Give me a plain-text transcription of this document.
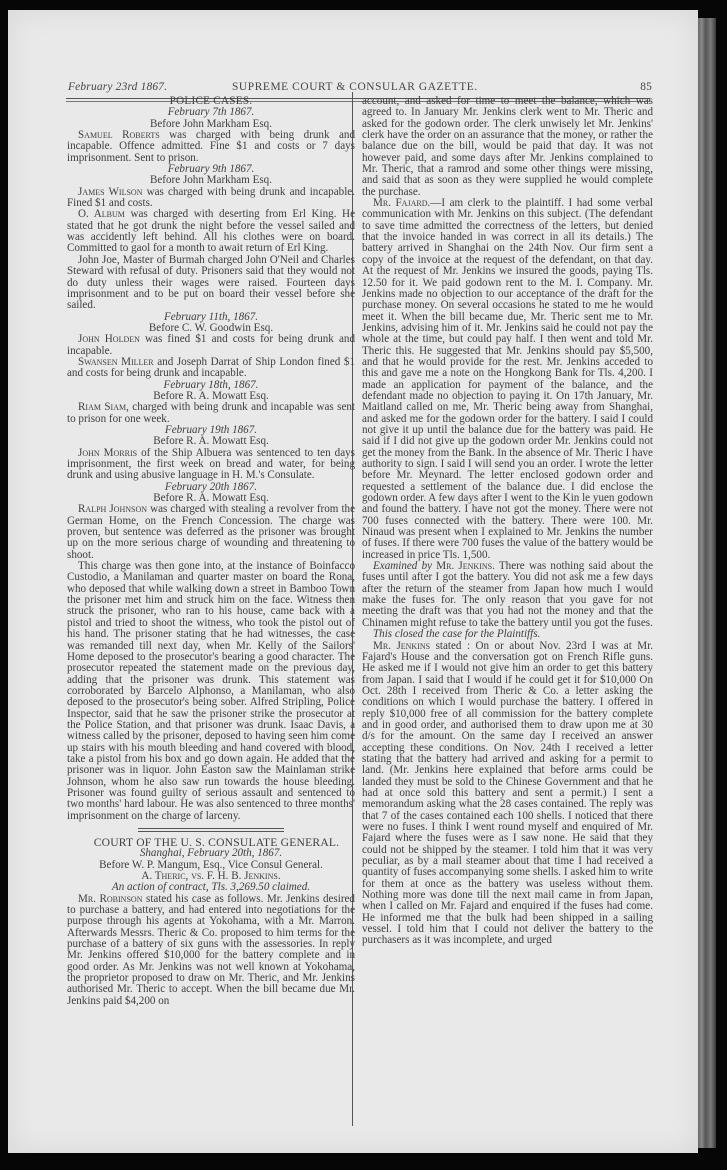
February 23rd 1867.	SUPREME COURT & CONSULAR GAZETTE.	85

POLICE CASES.

February 7th 1867.

Before John Markham Esq.

Samuel Roberts was charged with being drunk and incapable. Offence admitted. Fine $1 and costs or 7 days imprisonment. Sent to prison.

February 9th 1867.

Before John Markham Esq.

James Wilson was charged with being drunk and incapable. Fined $1 and costs.

O. Album was charged with deserting from Erl King. He stated that he got drunk the night before the vessel sailed and was accidently left behind. All his clothes were on board. Committed to gaol for a month to await return of Erl King.

John Joe, Master of Burmah charged John O'Neil and Charles Steward with refusal of duty. Prisoners said that they would not do duty unless their wages were raised. Fourteen days imprisonment and to be put on board their vessel before she sailed.

February 11th, 1867.

Before C. W. Goodwin Esq.

John Holden was fined $1 and costs for being drunk and incapable.

Swansen Miller and Joseph Darrat of Ship London fined $1 and costs for being drunk and incapable.

February 18th, 1867.

Before R. A. Mowatt Esq.

Riam Siam, charged with being drunk and incapable was sent to prison for one week.

February 19th 1867.

Before R. A. Mowatt Esq.

John Morris of the Ship Albuera was sentenced to ten days imprisonment, the first week on bread and water, for being drunk and using abusive language in H. M.'s Consulate.

February 20th 1867.

Before R. A. Mowatt Esq.

Ralph Johnson was charged with stealing a revolver from the German Home, on the French Concession. The charge was proven, but sentence was deferred as the prisoner was brought up on the more serious charge of wounding and threatening to shoot.

This charge was then gone into, at the instance of Boinfacco Custodio, a Manilaman and quarter master on board the Rona, who deposed that while walking down a street in Bamboo Town the prisoner met him and struck him on the face. Witness then struck the prisoner, who ran to his house, came back with a pistol and tried to shoot the witness, who took the pistol out of his hand. The prisoner stating that he had witnesses, the case was remanded till next day, when Mr. Kelly of the Sailors' Home deposed to the prosecutor's bearing a good character. The prosecutor repeated the statement made on the previous day, adding that the prisoner was drunk. This statement was corroborated by Barcelo Alphonso, a Manilaman, who also deposed to the prosecutor's being sober. Alfred Stripling, Police Inspector, said that he saw the prisoner strike the prosecutor at the Police Station, and that prisoner was drunk. Isaac Davis, a witness called by the prisoner, deposed to having seen him come up stairs with his mouth bleeding and hand covered with blood, take a pistol from his box and go down again. He added that the prisoner was in liquor. John Easton saw the Mainlaman strike Johnson, whom he also saw run towards the house bleeding. Prisoner was found guilty of serious assault and sentenced to two months' hard labour. He was also sentenced to three months' imprisonment on the charge of larceny.

COURT OF THE U. S. CONSULATE GENERAL.

Shanghai, February 20th, 1867.

Before W. P. Mangum, Esq., Vice Consul General.

A. Theric, vs. F. H. B. Jenkins.

An action of contract, Tls. 3,269.50 claimed.

Mr. Robinson stated his case as follows. Mr. Jenkins desired to purchase a battery, and had entered into negotiations for the purpose through his agents at Yokohama, with a Mr. Marron. Afterwards Messrs. Theric & Co. proposed to him terms for the purchase of a battery of six guns with the assessories. In reply Mr. Jenkins offered $10,000 for the battery complete and in good order. As Mr. Jenkins was not well known at Yokohama, the proprietor proposed to draw on Mr. Theric, and Mr. Jenkins authorised Mr. Theric to accept. When the bill became due Mr. Jenkins paid $4,200 on

account, and asked for time to meet the balance, which was agreed to. In January Mr. Jenkins clerk went to Mr. Theric and asked for the godown order. The clerk unwisely let Mr. Jenkins' clerk have the order on an assurance that the money, or rather the balance due on the bill, would be paid that day. It was not however paid, and some days after Mr. Jenkins complained to Mr. Theric, that a ramrod and some other things were missing, and said that as soon as they were supplied he would complete the purchase.

Mr. Fajard.—I am clerk to the plaintiff. I had some verbal communication with Mr. Jenkins on this subject. (The defendant to save time admitted the correctness of the letters, but denied that the invoice handed in was correct in all its details.) The battery arrived in Shanghai on the 24th Nov. Our firm sent a copy of the invoice at the request of the defendant, on that day. At the request of Mr. Jenkins we insured the goods, paying Tls. 12.50 for it. We paid godown rent to the M. I. Company. Mr. Jenkins made no objection to our acceptance of the draft for the purchase money. On several occasions he stated to me he would meet it. When the bill became due, Mr. Theric sent me to Mr. Jenkins, advising him of it. Mr. Jenkins said he could not pay the whole at the time, but could pay half. I then went and told Mr. Theric this. He suggested that Mr. Jenkins should pay $5,500, and that he would provide for the rest. Mr. Jenkins acceded to this and gave me a note on the Hongkong Bank for Tls. 4,200. I made an application for payment of the balance, and the defendant made no objection to paying it. On 17th January, Mr. Maitland called on me, Mr. Theric being away from Shanghai, and asked me for the godown order for the battery. I said I could not give it up until the balance due for the battery was paid. He said if I did not give up the godown order Mr. Jenkins could not get the money from the Bank. In the absence of Mr. Theric I have authority to sign. I said I will send you an order. I wrote the letter before Mr. Meynard. The letter enclosed godown order and requested a settlement of the balance due. I did enclose the godown order. A few days after I went to the Kin le yuen godown and found the battery. I have not got the money. There were not 700 fuses connected with the battery. There were 100. Mr. Ninaud was present when I explained to Mr. Jenkins the number of fuses. If there were 700 fuses the value of the battery would be increased in price Tls. 1,500.

Examined by Mr. Jenkins. There was nothing said about the fuses until after I got the battery. You did not ask me a few days after the return of the steamer from Japan how much I would make the fuses for. The only reason that you gave for not meeting the draft was that you had not the money and that the Chinamen might refuse to take the battery until you got the fuses.

This closed the case for the Plaintiffs.

Mr. Jenkins stated : On or about Nov. 23rd I was at Mr. Fajard's House and the conversation got on French Rifle guns. He asked me if I would not give him an order to get this battery from Japan. I said that I would if he could get it for $10,000 On Oct. 28th I received from Theric & Co. a letter asking the conditions on which I would purchase the battery. I offered in reply $10,000 free of all commission for the battery complete and in good order, and authorised them to draw upon me at 30 d/s for the amount. On the same day I received an answer accepting these conditions. On Nov. 24th I received a letter stating that the battery had arrived and asking for a permit to land. (Mr. Jenkins here explained that before arms could be landed they must be sold to the Chinese Government and that he had at once sold this battery and sent a permit.) I sent a memorandum asking what the 28 cases contained. The reply was that 7 of the cases contained each 100 shells. I noticed that there were no fuses. I think I went round myself and enquired of Mr. Fajard where the fuses were as I saw none. He said that they could not be shipped by the steamer. I told him that it was very peculiar, as by a mail steamer about that time I had received a quantity of fuses accompanying some shells. I asked him to write for them at once as the battery was useless without them. Nothing more was done till the next mail came in from Japan, when I called on Mr. Fajard and enquired if the fuses had come. He informed me that the bulk had been shipped in a sailing vessel. I told him that I could not deliver the battery to the purchasers as it was incomplete, and urged
